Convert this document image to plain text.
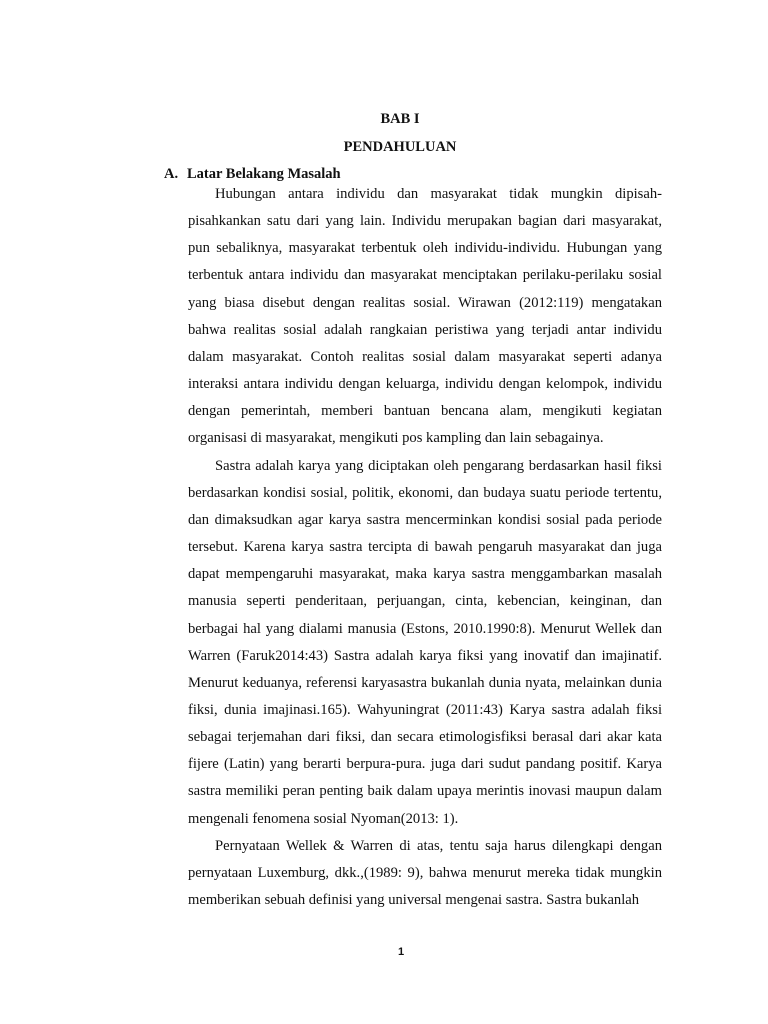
BAB I
PENDAHULUAN
A. Latar Belakang Masalah

Hubungan antara individu dan masyarakat tidak mungkin dipisah-pisahkankan satu dari yang lain. Individu merupakan bagian dari masyarakat, pun sebaliknya, masyarakat terbentuk oleh individu-individu. Hubungan yang terbentuk antara individu dan masyarakat menciptakan perilaku-perilaku sosial yang biasa disebut dengan realitas sosial. Wirawan (2012:119) mengatakan bahwa realitas sosial adalah rangkaian peristiwa yang terjadi antar individu dalam masyarakat. Contoh realitas sosial dalam masyarakat seperti adanya interaksi antara individu dengan keluarga, individu dengan kelompok, individu dengan pemerintah, memberi bantuan bencana alam, mengikuti kegiatan organisasi di masyarakat, mengikuti pos kampling dan lain sebagainya.

Sastra adalah karya yang diciptakan oleh pengarang berdasarkan hasil fiksi berdasarkan kondisi sosial, politik, ekonomi, dan budaya suatu periode tertentu, dan dimaksudkan agar karya sastra mencerminkan kondisi sosial pada periode tersebut. Karena karya sastra tercipta di bawah pengaruh masyarakat dan juga dapat mempengaruhi masyarakat, maka karya sastra menggambarkan masalah manusia seperti penderitaan, perjuangan, cinta, kebencian, keinginan, dan berbagai hal yang dialami manusia (Estons, 2010.1990:8). Menurut Wellek dan Warren (Faruk2014:43) Sastra adalah karya fiksi yang inovatif dan imajinatif. Menurut keduanya, referensi karyasastra bukanlah dunia nyata, melainkan dunia fiksi, dunia imajinasi.165). Wahyuningrat (2011:43) Karya sastra adalah fiksi sebagai terjemahan dari fiksi, dan secara etimologisfiksi berasal dari akar kata fijere (Latin) yang berarti berpura-pura. juga dari sudut pandang positif. Karya sastra memiliki peran penting baik dalam upaya merintis inovasi maupun dalam mengenali fenomena sosial Nyoman(2013: 1).

Pernyataan Wellek & Warren di atas, tentu saja harus dilengkapi dengan pernyataan Luxemburg, dkk.,(1989: 9), bahwa menurut mereka tidak mungkin memberikan sebuah definisi yang universal mengenai sastra. Sastra bukanlah

1
